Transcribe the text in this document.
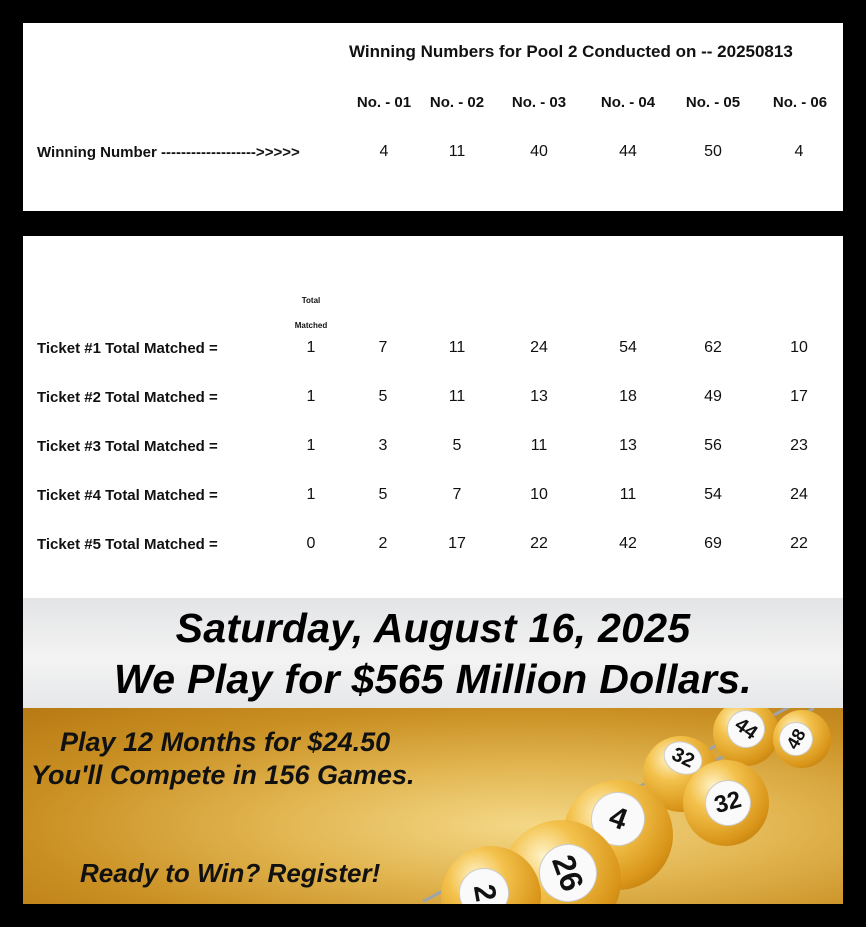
Winning Numbers for Pool 2 Conducted on -- 20250813
No. - 01	No. - 02	No. - 03	No. - 04	No. - 05	No. - 06
Winning Number ------------------->>>>>	4	11	40	44	50	4
Total
Matched
Ticket #1 Total Matched =	1	7	11	24	54	62	10
Ticket #2 Total Matched =	1	5	11	13	18	49	17
Ticket #3 Total Matched =	1	3	5	11	13	56	23
Ticket #4 Total Matched =	1	5	7	10	11	54	24
Ticket #5 Total Matched =	0	2	17	22	42	69	22
Saturday, August 16, 2025
We Play for $565 Million Dollars.
44	48
32
32
4
26
2
Play 12 Months for $24.50
You'll Compete in 156 Games.
Ready to Win? Register!
